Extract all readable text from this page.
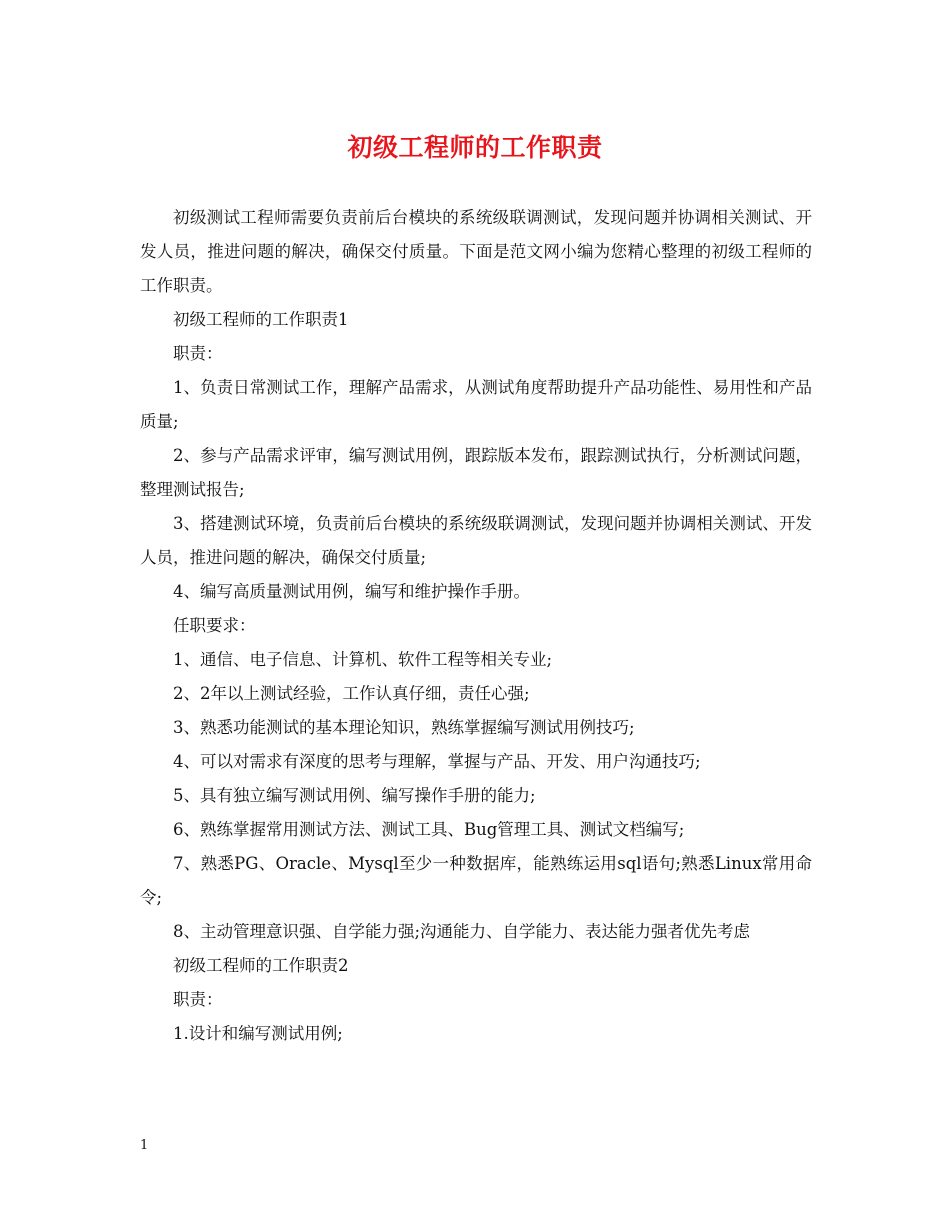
初级工程师的工作职责

初级测试工程师需要负责前后台模块的系统级联调测试，发现问题并协调相关测试、开发人员，推进问题的解决，确保交付质量。下面是范文网小编为您精心整理的初级工程师的工作职责。

初级工程师的工作职责1

职责：

1、负责日常测试工作，理解产品需求，从测试角度帮助提升产品功能性、易用性和产品质量;

2、参与产品需求评审，编写测试用例，跟踪版本发布，跟踪测试执行，分析测试问题，整理测试报告;

3、搭建测试环境，负责前后台模块的系统级联调测试，发现问题并协调相关测试、开发人员，推进问题的解决，确保交付质量;

4、编写高质量测试用例，编写和维护操作手册。

任职要求：

1、通信、电子信息、计算机、软件工程等相关专业;

2、2年以上测试经验，工作认真仔细，责任心强;

3、熟悉功能测试的基本理论知识，熟练掌握编写测试用例技巧;

4、可以对需求有深度的思考与理解，掌握与产品、开发、用户沟通技巧;

5、具有独立编写测试用例、编写操作手册的能力;

6、熟练掌握常用测试方法、测试工具、Bug管理工具、测试文档编写;

7、熟悉PG、Oracle、Mysql至少一种数据库，能熟练运用sql语句;熟悉Linux常用命令;

8、主动管理意识强、自学能力强;沟通能力、自学能力、表达能力强者优先考虑

初级工程师的工作职责2

职责：

1.设计和编写测试用例;

1
